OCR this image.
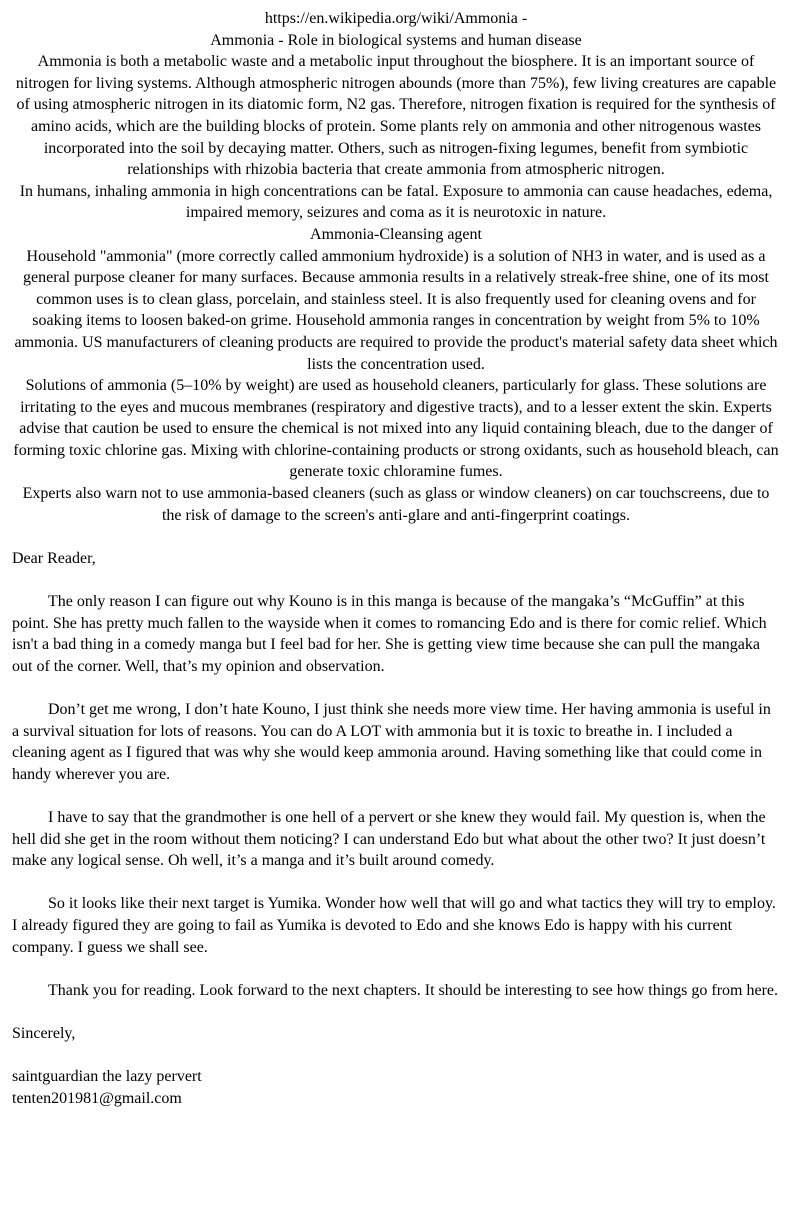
https://en.wikipedia.org/wiki/Ammonia -

Ammonia - Role in biological systems and human disease

Ammonia is both a metabolic waste and a metabolic input throughout the biosphere. It is an important source of nitrogen for living systems. Although atmospheric nitrogen abounds (more than 75%), few living creatures are capable of using atmospheric nitrogen in its diatomic form, N2 gas. Therefore, nitrogen fixation is required for the synthesis of amino acids, which are the building blocks of protein. Some plants rely on ammonia and other nitrogenous wastes incorporated into the soil by decaying matter. Others, such as nitrogen-fixing legumes, benefit from symbiotic relationships with rhizobia bacteria that create ammonia from atmospheric nitrogen.

In humans, inhaling ammonia in high concentrations can be fatal. Exposure to ammonia can cause headaches, edema, impaired memory, seizures and coma as it is neurotoxic in nature.

Ammonia-Cleansing agent

Household "ammonia" (more correctly called ammonium hydroxide) is a solution of NH3 in water, and is used as a general purpose cleaner for many surfaces. Because ammonia results in a relatively streak-free shine, one of its most common uses is to clean glass, porcelain, and stainless steel. It is also frequently used for cleaning ovens and for soaking items to loosen baked-on grime. Household ammonia ranges in concentration by weight from 5% to 10% ammonia. US manufacturers of cleaning products are required to provide the product's material safety data sheet which lists the concentration used.

Solutions of ammonia (5–10% by weight) are used as household cleaners, particularly for glass. These solutions are irritating to the eyes and mucous membranes (respiratory and digestive tracts), and to a lesser extent the skin. Experts advise that caution be used to ensure the chemical is not mixed into any liquid containing bleach, due to the danger of forming toxic chlorine gas. Mixing with chlorine-containing products or strong oxidants, such as household bleach, can generate toxic chloramine fumes.

Experts also warn not to use ammonia-based cleaners (such as glass or window cleaners) on car touchscreens, due to the risk of damage to the screen's anti-glare and anti-fingerprint coatings.

Dear Reader,

The only reason I can figure out why Kouno is in this manga is because of the mangaka’s “McGuffin” at this point. She has pretty much fallen to the wayside when it comes to romancing Edo and is there for comic relief. Which isn't a bad thing in a comedy manga but I feel bad for her. She is getting view time because she can pull the mangaka out of the corner. Well, that’s my opinion and observation.

Don’t get me wrong, I don’t hate Kouno, I just think she needs more view time. Her having ammonia is useful in a survival situation for lots of reasons. You can do A LOT with ammonia but it is toxic to breathe in. I included a cleaning agent as I figured that was why she would keep ammonia around. Having something like that could come in handy wherever you are.

I have to say that the grandmother is one hell of a pervert or she knew they would fail. My question is, when the hell did she get in the room without them noticing? I can understand Edo but what about the other two? It just doesn’t make any logical sense. Oh well, it’s a manga and it’s built around comedy.

So it looks like their next target is Yumika. Wonder how well that will go and what tactics they will try to employ. I already figured they are going to fail as Yumika is devoted to Edo and she knows Edo is happy with his current company. I guess we shall see.

Thank you for reading. Look forward to the next chapters. It should be interesting to see how things go from here.

Sincerely,

saintguardian the lazy pervert

tenten201981@gmail.com
